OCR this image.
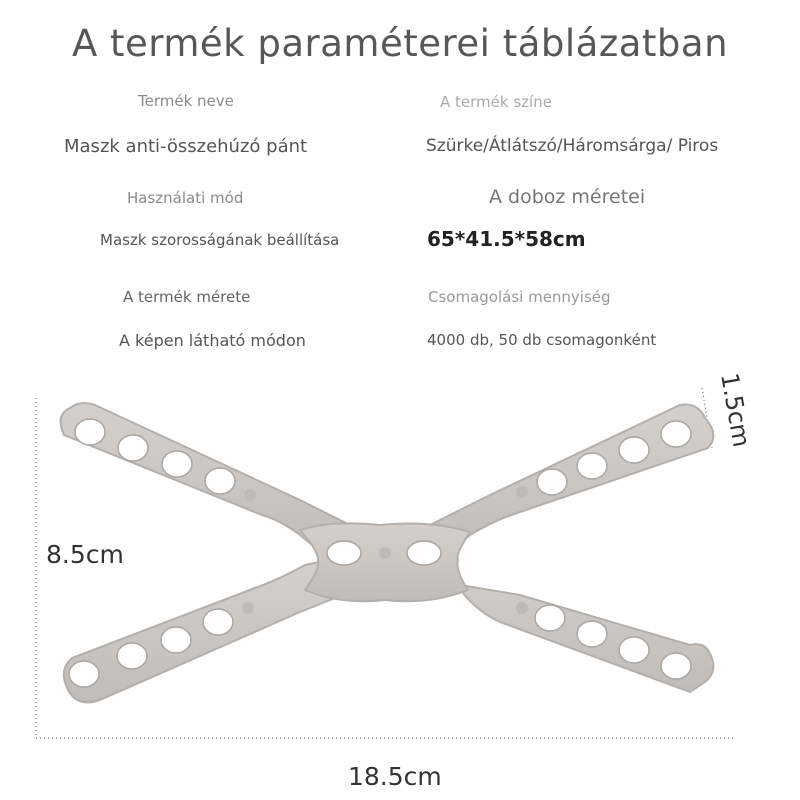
A termék paraméterei táblázatban
Termék neve
Maszk anti-összehúzó pánt
A termék színe
Szürke/Átlátszó/Háromsárga/ Piros
Használati mód
Maszk szorosságának beállítása
A doboz méretei
65*41.5*58cm
A termék mérete
A képen látható módon
Csomagolási mennyiség
4000 db, 50 db csomagonként
1.5cm
8.5cm
18.5cm
